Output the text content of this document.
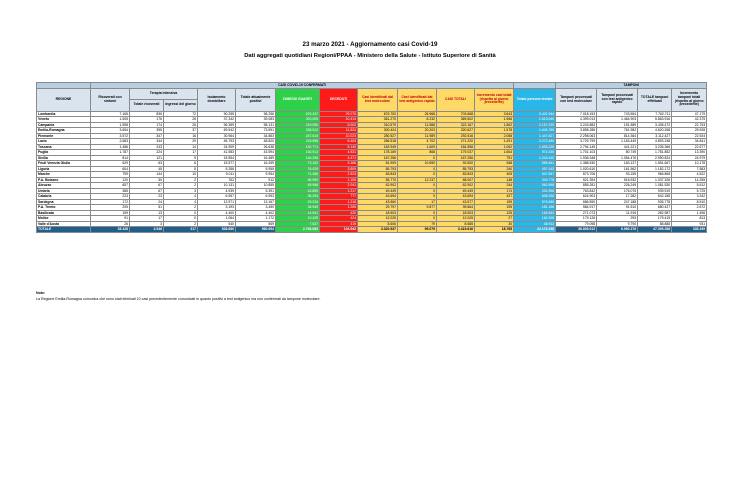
23 marzo 2021 - Aggiornamento casi Covid-19
Dati aggregati quotidiani Regioni/PPAA - Ministero della Salute - Istituto Superiore di Sanità
	CASI COVID-19 CONFERMATI												TAMPONI			
REGIONE	Ricoverati con sintomi	Terapia intensiva		Isolamento domiciliare	Totale attualmente positivi	DIMESSI GUARITI	DECEDUTI	Casi identificati dal test molecolare	Casi identificati dal test antigenico rapido	CASI TOTALI	Incremento casi totali (rispetto al giorno precedente)	Totale persone testate	Tamponi processati con test molecolare	Tamponi processati con test antigenico rapido	TOTALE tamponi effettuati	Incremento tamponi totali (rispetto al giorno precedente)
		Totale ricoverati	Ingressi del giorno													
Lombardia	7.165	836	72	90.255	98.256	675.437	29.075	676.700	26.968	703.668	3.643	3.421.944	7.018.153	743.554	7.762.711	47.179
Veneto	1.505	176	26	37.342	39.083	320.005	10.414	361.270	8.232	369.502	1.966	1.513.040	4.399.013	1.464.903	5.863.916	42.375
Campania	1.598	174	26	96.359	98.131	219.090	5.002	310.579	11.588	322.167	1.862	2.157.229	3.243.883	191.589	3.435.472	22.753
Emilia-Romagna	3.654	395	37	69.542	73.591	235.512	11.524	300.424	20.203	320.627	1.578	1.645.785	3.858.286	761.982	4.620.268	25.928
Piemonte	3.572	347	16	30.964	34.883	247.610	10.023	280.527	11.989	292.516	2.088	1.447.827	2.298.063	814.364	3.112.427	22.924
Lazio	2.683	344	29	45.793	48.820	215.956	6.403	266.518	4.702	271.220	1.491	3.272.480	3.729.799	1.163.449	4.893.248	34.841
Toscana	1.486	243	14	24.909	26.638	152.771	5.149	182.949	1.609	184.558	1.062	1.693.229	2.794.145	441.221	3.235.366	22.677
Puglia	1.787	224	17	41.583	43.594	130.912	4.531	178.169	868	179.037	1.664	974.345	1.701.103	80.749	1.781.852	13.390
Sicilia	814	121	9	15.554	16.489	146.296	4.471	167.256	0	167.256	751	1.243.440	1.936.348	1.054.476	2.990.824	24.979
Friuli Venezia Giulia	629	63	6	15.577	16.269	73.162	3.166	81.909	10.690	92.600	548	555.461	1.388.530	163.137	1.551.667	10.178
Liguria	604	45	5	5.286	5.955	76.029	3.809	85.793	0	85.793	240	497.143	1.020.610	161.562	1.182.172	7.583
Marche	799	144	10	9.011	9.954	71.366	2.523	83.843	0	83.843	405	547.557	873.706	93.159	966.865	4.522
P.A. Bolzano	120	30	2	762	912	65.990	1.105	55.770	12.237	68.007	148	349.778	521.394	515.932	1.037.326	14.255
Abruzzo	657	67	2	10.131	10.855	49.966	2.041	62.902	0	62.902	244	562.698	855.281	226.249	1.081.530	5.512
Umbria	385	67	3	4.939	5.391	42.859	1.217	49.449	0	49.449	174	231.998	763.842	176.075	939.919	5.725
Calabria	223	23	4	6.557	6.953	36.294	777	43.694	0	43.694	427	608.326	624.903	17.282	642.185	3.342
Sardegna	172	24	4	12.971	13.167	29.234	1.216	43.560	17	43.577	159	576.685	686.590	247.188	935.778	8.510
P.A. Trento	205	51	2	3.193	3.450	34.949	1.265	29.797	9.877	39.664	195	181.186	584.917	91.510	680.427	2.672
Basilicata	159	13	0	4.400	4.402	14.541	420	18.503	0	18.503	125	164.653	271.073	11.915	282.987	1.496
Molise	91	17	0	1.064	1.172	10.429	424	12.025	0	12.025	27	162.305	179.126	293	179.419	813
Valle d'Aosta	26	3	2	540	569	7.637	419	8.606	79	8.685	30	48.912	79.098	9.790	88.888	931
TOTALE	28.428	3.546	317	528.680	560.654	2.753.083	104.942	3.320.537	99.079	3.419.616	18.765	22.173.158	38.839.012	6.960.276	47.395.288	335.189
Note:
La Regione Emilia-Romagna comunica che sono stati eliminati 10 casi precedentemente comunicati in quanto positivi a test antigenico ma non confermati da tampone molecolare.
